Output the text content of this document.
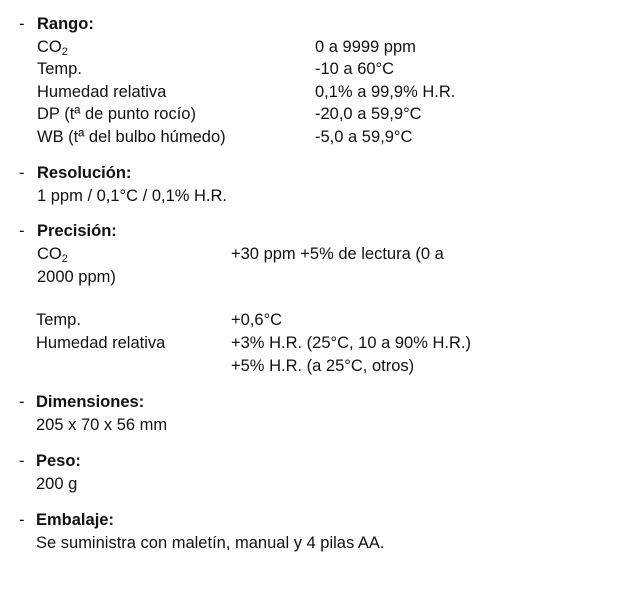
- Rango:
CO2	0 a 9999 ppm
Temp.	-10 a 60°C
Humedad relativa	0,1% a 99,9% H.R.
DP (tª de punto rocío)	-20,0 a 59,9°C
WB (tª del bulbo húmedo)	-5,0 a 59,9°C
- Resolución:
1 ppm / 0,1°C / 0,1% H.R.
- Precisión:
CO2	+30 ppm +5% de lectura (0 a
2000 ppm)
Temp.	+0,6°C
Humedad relativa	+3% H.R. (25°C, 10 a 90% H.R.)
+5% H.R. (a 25°C, otros)
- Dimensiones:
205 x 70 x 56 mm
- Peso:
200 g
- Embalaje:
Se suministra con maletín, manual y 4 pilas AA.
